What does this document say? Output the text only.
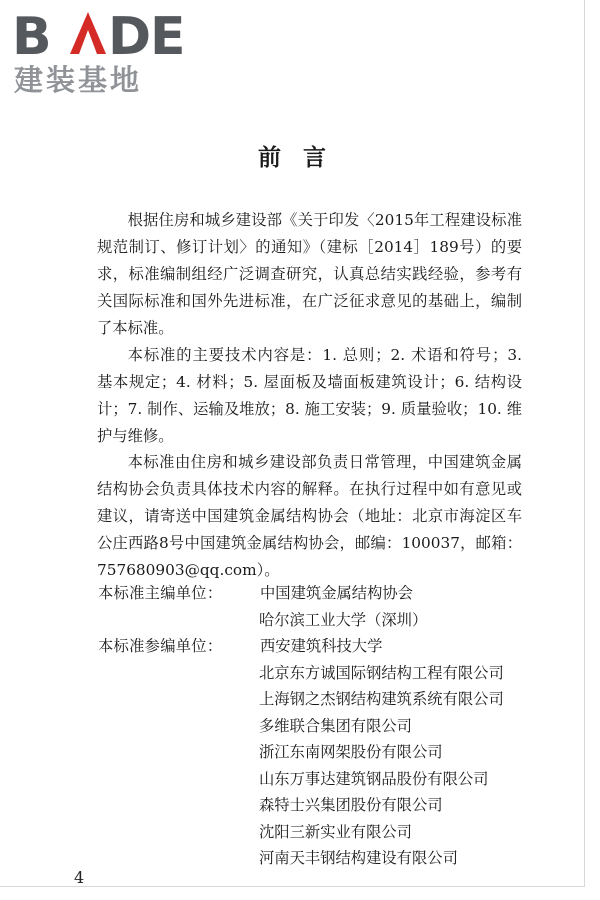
B	A D
E
建装基地
前言

根据住房和城乡建设部《关于印发〈2015年工程建设标准规范制订、修订计划〉的通知》（建标［2014］189号）的要求，标准编制组经广泛调查研究，认真总结实践经验，参考有关国际标准和国外先进标准，在广泛征求意见的基础上，编制了本标准。

本标准的主要技术内容是：1. 总则；2. 术语和符号；3. 基本规定；4. 材料；5. 屋面板及墙面板建筑设计；6. 结构设计；7. 制作、运输及堆放；8. 施工安装；9. 质量验收；10. 维护与维修。

本标准由住房和城乡建设部负责日常管理，中国建筑金属结构协会负责具体技术内容的解释。在执行过程中如有意见或建议，请寄送中国建筑金属结构协会（地址：北京市海淀区车公庄西路8号中国建筑金属结构协会，邮编：100037，邮箱：757680903@qq.com）。

本标准主编单位：	中国建筑金属结构协会
哈尔滨工业大学（深圳）
本标准参编单位：	西安建筑科技大学
北京东方诚国际钢结构工程有限公司
上海钢之杰钢结构建筑系统有限公司
多维联合集团有限公司
浙江东南网架股份有限公司
山东万事达建筑钢品股份有限公司
森特士兴集团股份有限公司
沈阳三新实业有限公司
河南天丰钢结构建设有限公司
4
